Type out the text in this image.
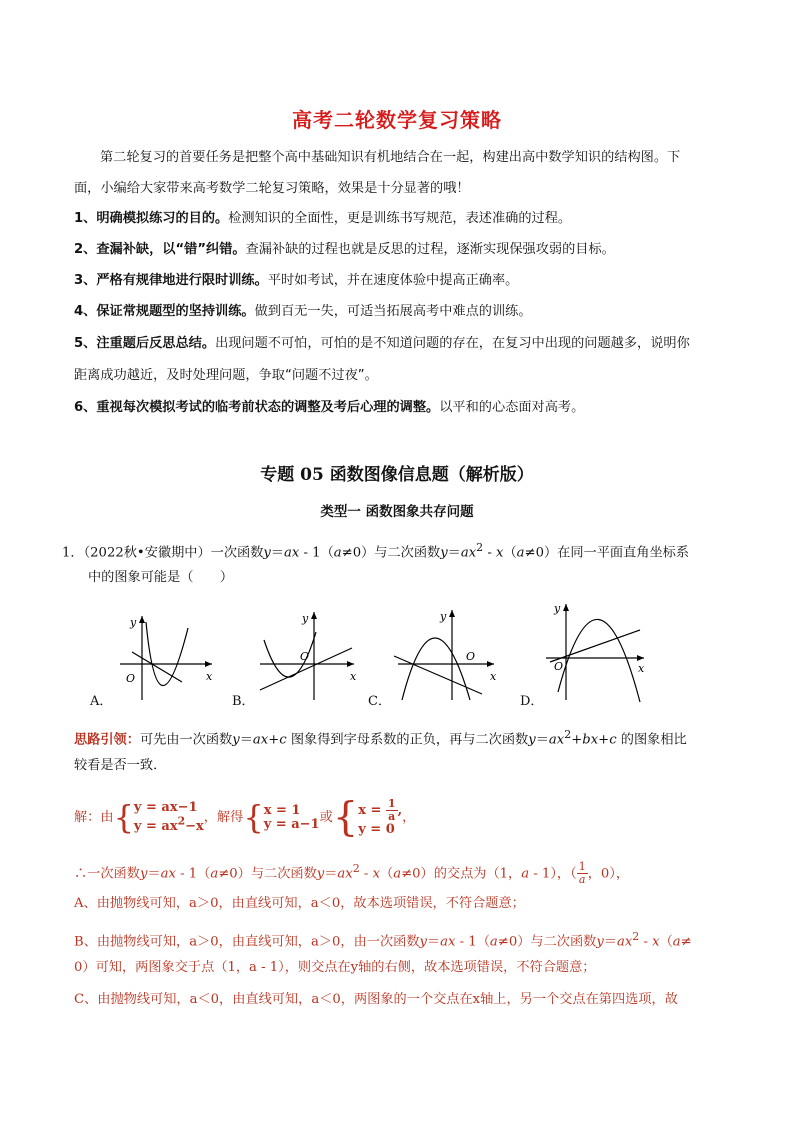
高考二轮数学复习策略
第二轮复习的首要任务是把整个高中基础知识有机地结合在一起，构建出高中数学知识的结构图。下
面，小编给大家带来高考数学二轮复习策略，效果是十分显著的哦！
1、明确模拟练习的目的。检测知识的全面性，更是训练书写规范，表述准确的过程。
2、查漏补缺，以“错”纠错。查漏补缺的过程也就是反思的过程，逐渐实现保强攻弱的目标。
3、严格有规律地进行限时训练。平时如考试，并在速度体验中提高正确率。
4、保证常规题型的坚持训练。做到百无一失，可适当拓展高考中难点的训练。
5、注重题后反思总结。出现问题不可怕，可怕的是不知道问题的存在，在复习中出现的问题越多，说明你
距离成功越近，及时处理问题，争取“问题不过夜”。
6、重视每次模拟考试的临考前状态的调整及考后心理的调整。以平和的心态面对高考。
专题 05 函数图像信息题（解析版）
类型一 函数图象共存问题
1．（2022秋•安徽期中）一次函数y＝ax - 1（a≠0）与二次函数$y=ax^2 - x(a\ne 0)$在同一平面直角坐标系
中的图象可能是（　　）
y
O	x
y
O
x
y
O
x
y
O	x
A．	B．	C．	D．
思路引领：可先由一次函数y＝ax+c 图象得到字母系数的正负，再与二次函数$y=ax^2+bx+c$ 的图象相比
较看是否一致．
解：由{y = ax−1
$y = ax^2-x$，解得{x = 1
y = a−1或{$x = \frac{1}{a}$ ,
y = 0，
∴一次函数y＝ax - 1（a≠0）与二次函数$y=ax^2 - x(a\ne 0)$的交点为（1，a - 1），（ $\frac{1}{a}$ ，0），
A、由抛物线可知，a＞0，由直线可知，a＜0，故本选项错误，不符合题意；
B、由抛物线可知，a＞0，由直线可知，a＞0，由一次函数y＝ax - 1（a≠0）与二次函数$y=ax^2 - x(a\ne$
0）可知，两图象交于点（1，a - 1），则交点在y轴的右侧，故本选项错误，不符合题意；
C、由抛物线可知，a＜0，由直线可知，a＜0，两图象的一个交点在x轴上，另一个交点在第四选项，故
